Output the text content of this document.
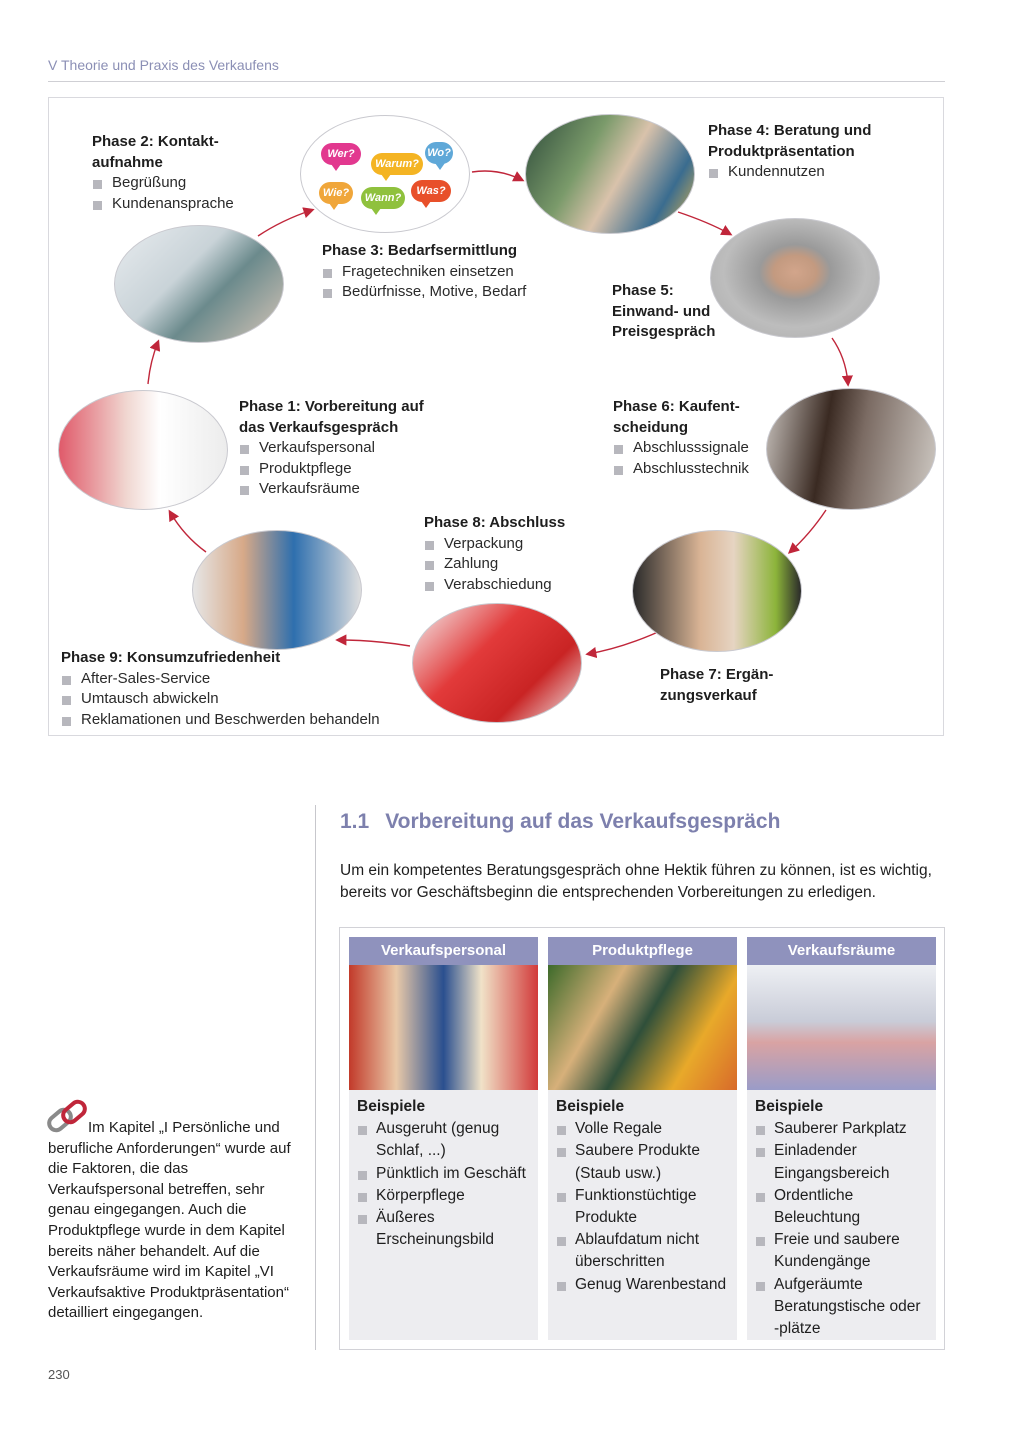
V Theorie und Praxis des Verkaufens
Wer?
Warum?
Wo?
Wie?	Wann?
Was?
Phase 2: Kontakt-
aufnahme
Begrüßung
Kundenansprache
Phase 3: Bedarfsermittlung
Fragetechniken einsetzen
Bedürfnisse, Motive, Bedarf
Phase 4: Beratung und Produktpräsentation
Kundennutzen
Phase 5: Einwand- und Preisgespräch
Phase 6: Kaufent-
scheidung
Abschlusssignale
Abschlusstechnik
Phase 7: Ergän-
zungsverkauf
Phase 8: Abschluss
Verpackung
Zahlung
Verabschiedung
Phase 9: Konsumzufriedenheit
After-Sales-Service
Umtausch abwickeln
Reklamationen und Beschwerden behandeln
Phase 1: Vorbereitung auf das Verkaufsgespräch
Verkaufspersonal
Produktpflege
Verkaufsräume
1.1 Vorbereitung auf das Verkaufsgespräch
Um ein kompetentes Beratungsgespräch ohne Hektik führen zu können, ist es wichtig, bereits vor Geschäftsbeginn die entsprechenden Vorbereitungen zu erledigen.
Verkaufspersonal
Beispiele
Ausgeruht (genug Schlaf, ...)
Pünktlich im Geschäft
Körperpflege
Äußeres Erscheinungsbild
Produktpflege
Beispiele
Volle Regale
Saubere Produkte (Staub usw.)
Funktionstüchtige Produkte
Ablaufdatum nicht überschritten
Genug Warenbestand
Verkaufsräume
Beispiele
Sauberer Parkplatz
Einladender Eingangsbereich
Ordentliche Beleuchtung
Freie und saubere Kundengänge
Aufgeräumte Beratungstische oder -plätze
Im Kapitel „I Persönliche und berufliche Anforderungen“ wurde auf die Faktoren, die das Verkaufspersonal betreffen, sehr genau eingegangen. Auch die Produktpflege wurde in dem Kapitel bereits näher behandelt. Auf die Verkaufsräume wird im Kapitel „VI Verkaufsaktive Produktpräsentation“ detailliert eingegangen.
230
